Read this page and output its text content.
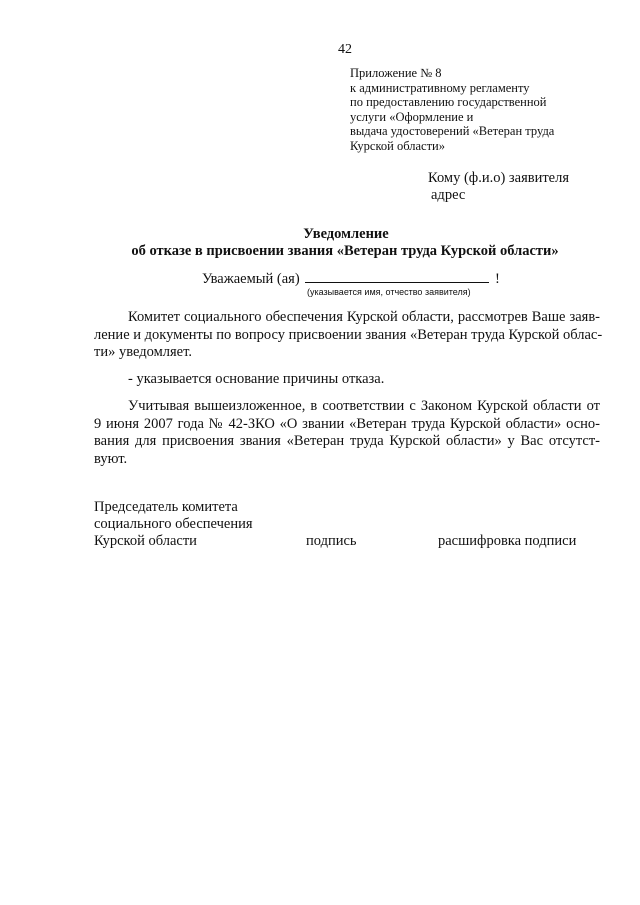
42
Приложение № 8
к административному регламенту
по предоставлению государственной
услуги «Оформление и
выдача удостоверений «Ветеран труда
Курской области»
Кому (ф.и.о) заявителя
адрес
Уведомление
об отказе в присвоении звания «Ветеран труда Курской области»
Уважаемый (ая)	!
(указывается имя, отчество заявителя)
Комитет социального обеспечения Курской области, рассмотрев Ваше заяв-
ление и документы по вопросу присвоении звания «Ветеран труда Курской облас-
ти» уведомляет.
- указывается основание причины отказа.
Учитывая вышеизложенное, в соответствии с Законом Курской области от
9 июня 2007 года № 42-ЗКО «О звании «Ветеран труда Курской области» осно-
вания для присвоения звания «Ветеран труда Курской области» у Вас отсутст-
вуют.
Председатель комитета
социального обеспечения
Курской области	подпись	расшифровка подписи
